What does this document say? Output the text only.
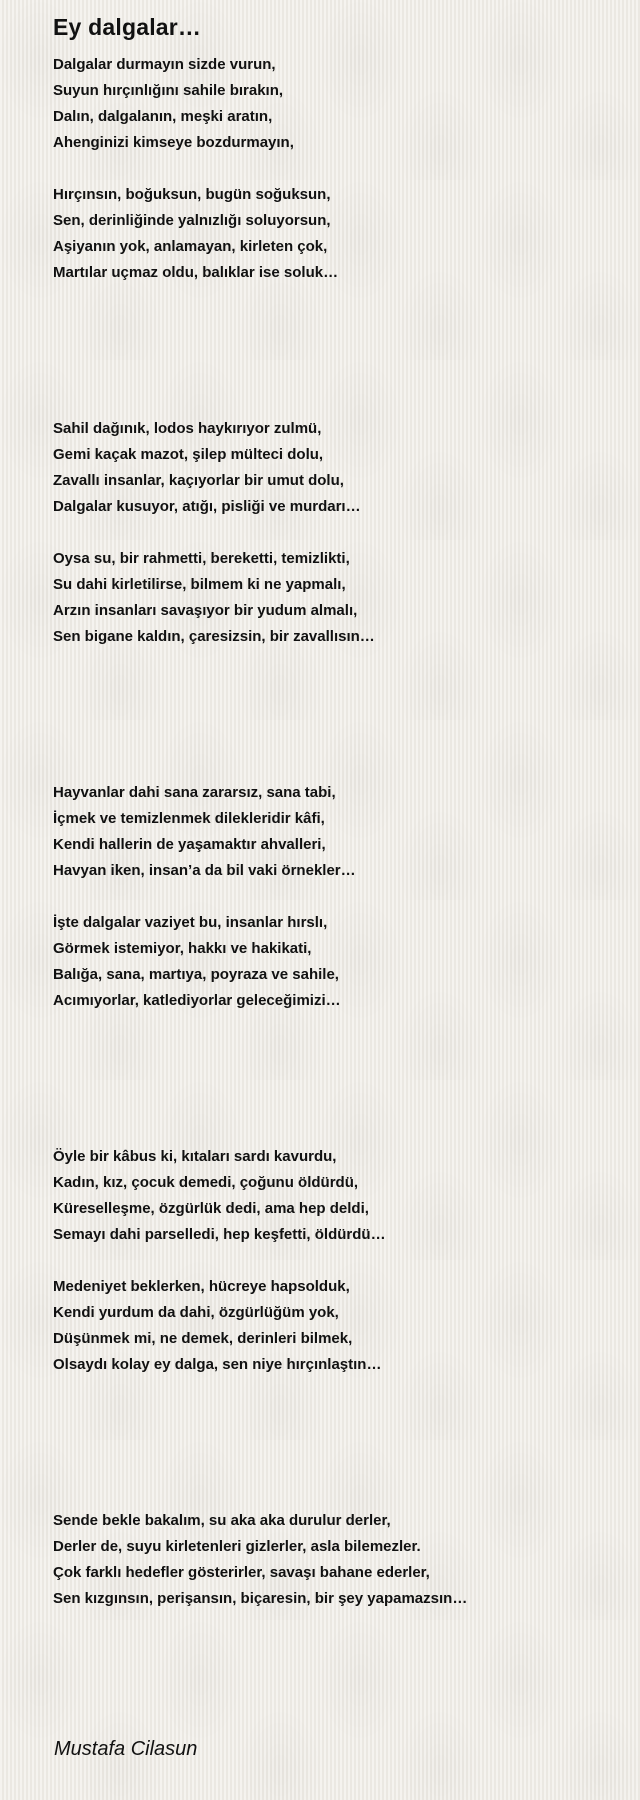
Ey dalgalar…
Dalgalar durmayın sizde vurun,
Suyun hırçınlığını sahile bırakın,
Dalın, dalgalanın, meşki aratın,
Ahenginizi kimseye bozdurmayın,
Hırçınsın, boğuksun, bugün soğuksun,
Sen, derinliğinde yalnızlığı soluyorsun,
Aşiyanın yok, anlamayan, kirleten çok,
Martılar uçmaz oldu, balıklar ise soluk…
Sahil dağınık, lodos haykırıyor zulmü,
Gemi kaçak mazot, şilep mülteci dolu,
Zavallı insanlar, kaçıyorlar bir umut dolu,
Dalgalar kusuyor, atığı, pisliği ve murdarı…
Oysa su, bir rahmetti, bereketti, temizlikti,
Su dahi kirletilirse, bilmem ki ne yapmalı,
Arzın insanları savaşıyor bir yudum almalı,
Sen bigane kaldın, çaresizsin, bir zavallısın…
Hayvanlar dahi sana zararsız, sana tabi,
İçmek ve temizlenmek dilekleridir kâfi,
Kendi hallerin de yaşamaktır ahvalleri,
Havyan iken, insan’a da bil vaki örnekler…
İşte dalgalar vaziyet bu, insanlar hırslı,
Görmek istemiyor, hakkı ve hakikati,
Balığa, sana, martıya, poyraza ve sahile,
Acımıyorlar, katlediyorlar geleceğimizi…
Öyle bir kâbus ki, kıtaları sardı kavurdu,
Kadın, kız, çocuk demedi, çoğunu öldürdü,
Küreselleşme, özgürlük dedi, ama hep deldi,
Semayı dahi parselledi, hep keşfetti, öldürdü…
Medeniyet beklerken, hücreye hapsolduk,
Kendi yurdum da dahi, özgürlüğüm yok,
Düşünmek mi, ne demek, derinleri bilmek,
Olsaydı kolay ey dalga, sen niye hırçınlaştın…
Sende bekle bakalım, su aka aka durulur derler,
Derler de, suyu kirletenleri gizlerler, asla bilemezler.
Çok farklı hedefler gösterirler, savaşı bahane ederler,
Sen kızgınsın, perişansın, biçaresin, bir şey yapamazsın…
Mustafa Cilasun
